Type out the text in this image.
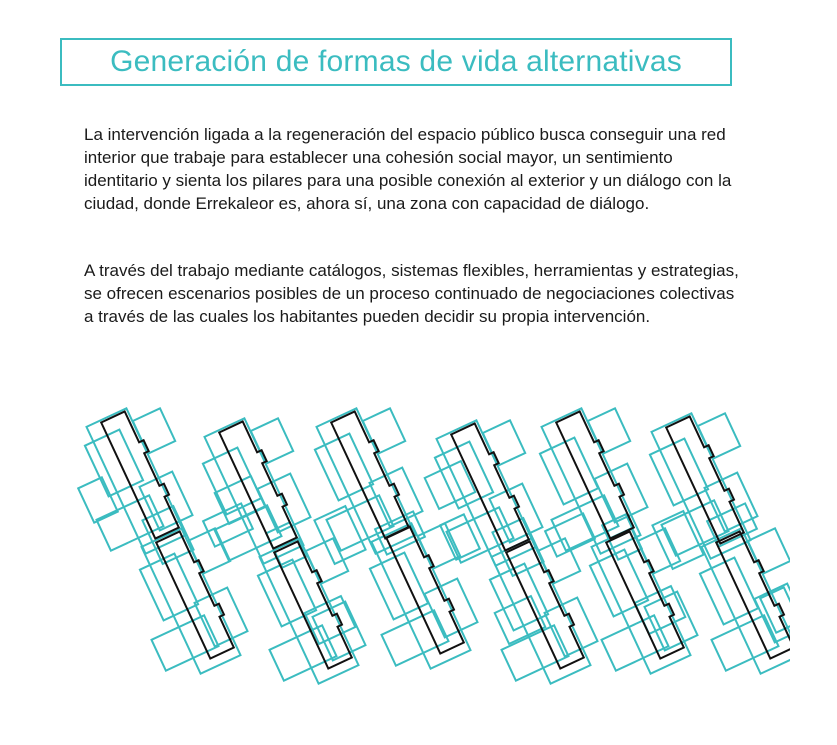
Generación de formas de vida alternativas

La intervención ligada a la regeneración del espacio público busca conseguir una red interior que trabaje para establecer una cohesión social mayor, un sentimiento identitario y sienta los pilares para una posible conexión al exterior y un diálogo con la ciudad, donde Errekaleor es, ahora sí, una zona con capacidad de diálogo.

A través del trabajo mediante catálogos, sistemas flexibles, herramientas y estrategias, se ofrecen escenarios posibles de un proceso continuado de negociaciones colectivas a través de las cuales los habitantes pueden decidir su propia intervención.
